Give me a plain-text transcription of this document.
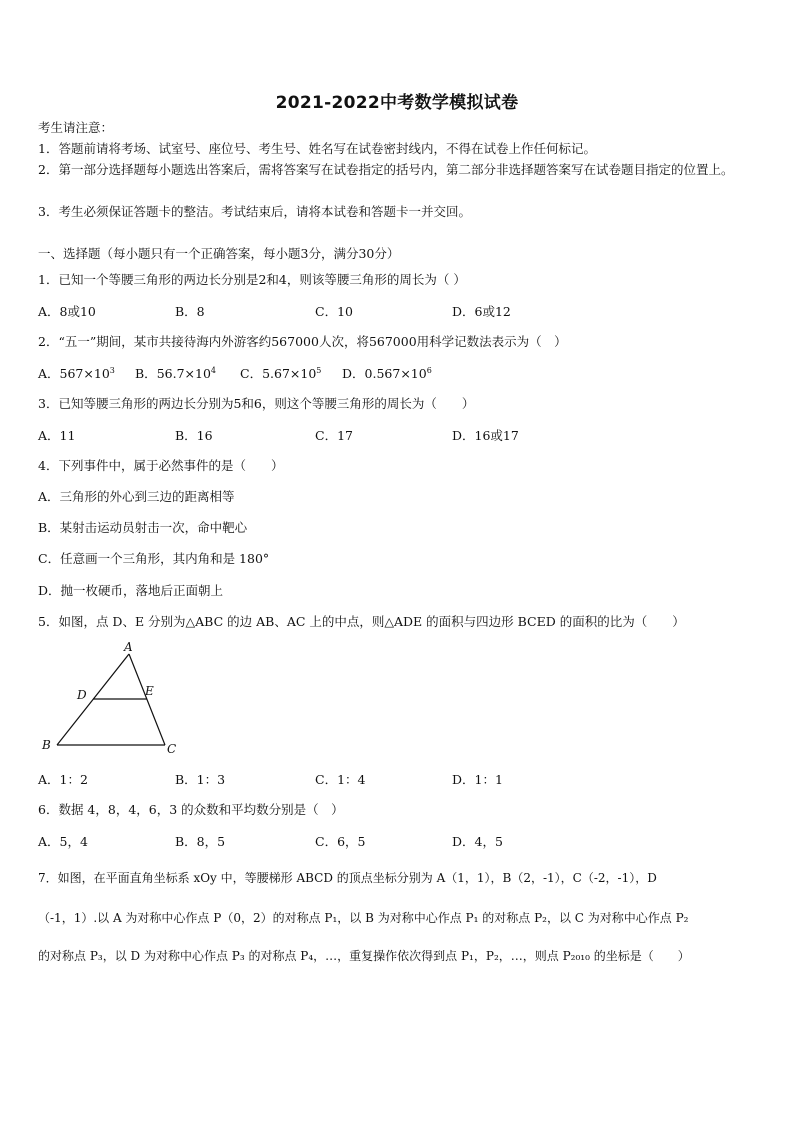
2021-2022中考数学模拟试卷
考生请注意：
1．答题前请将考场、试室号、座位号、考生号、姓名写在试卷密封线内，不得在试卷上作任何标记。
2．第一部分选择题每小题选出答案后，需将答案写在试卷指定的括号内，第二部分非选择题答案写在试卷题目指定的位置上。
3．考生必须保证答题卡的整洁。考试结束后，请将本试卷和答题卡一并交回。
一、选择题（每小题只有一个正确答案，每小题3分，满分30分）
1．已知一个等腰三角形的两边长分别是2和4，则该等腰三角形的周长为（ ）
A．8或10	B．8	C．10	D．6或12
2．“五一”期间，某市共接待海内外游客约567000人次，将567000用科学记数法表示为（　）
A．$567\times 10^3$ B．$56.7\times 10^4$ C．$5.67\times 10^5$ D．$0.567\times 10^6$
3．已知等腰三角形的两边长分别为5和6，则这个等腰三角形的周长为（　　）
A．11	B．16	C．17	D．16或17
4．下列事件中，属于必然事件的是（　　）
A．三角形的外心到三边的距离相等
B．某射击运动员射击一次，命中靶心
C．任意画一个三角形，其内角和是 180°
D．抛一枚硬币，落地后正面朝上
5．如图，点 D、E 分别为△ABC 的边 AB、AC 上的中点，则△ADE 的面积与四边形 BCED 的面积的比为（　　）
A
D	E
B	C
A．1：2	B．1：3	C．1：4	D．1：1
6．数据 4，8，4，6，3 的众数和平均数分别是（　）
A．5，4	B．8，5	C．6，5	D．4，5
7．如图，在平面直角坐标系 xOy 中，等腰梯形 ABCD 的顶点坐标分别为 A（1，1），B（2，-1），C（-2，-1），D
（-1，1）.以 A 为对称中心作点 P（0，2）的对称点 P₁，以 B 为对称中心作点 P₁ 的对称点 P₂，以 C 为对称中心作点 P₂
的对称点 P₃，以 D 为对称中心作点 P₃ 的对称点 P₄，…，重复操作依次得到点 P₁，P₂，…，则点 P₂₀₁₀ 的坐标是（　　）
